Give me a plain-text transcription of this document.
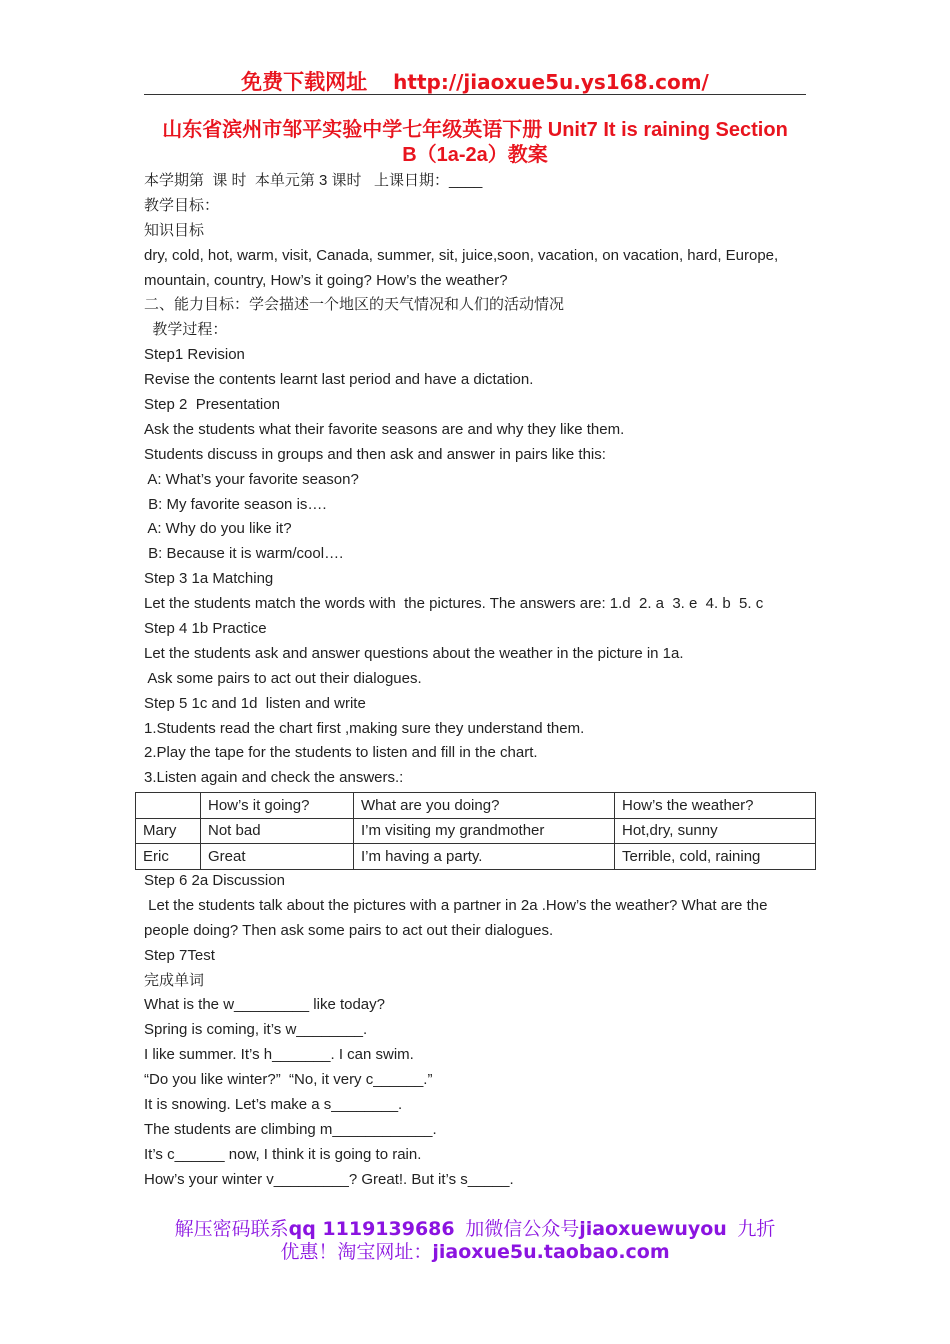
免费下载网址 http://jiaoxue5u.ys168.com/
山东省滨州市邹平实验中学七年级英语下册 Unit7 It is raining Section
B（1a-2a）教案
本学期第  课 时  本单元第 3 课时   上课日期：____
教学目标：
知识目标
dry, cold, hot, warm, visit, Canada, summer, sit, juice,soon, vacation, on vacation, hard, Europe,
mountain, country, How’s it going? How’s the weather?
二、能力目标：学会描述一个地区的天气情况和人们的活动情况
教学过程：
Step1 Revision
Revise the contents learnt last period and have a dictation.
Step 2  Presentation
Ask the students what their favorite seasons are and why they like them.
Students discuss in groups and then ask and answer in pairs like this:
A: What’s your favorite season?
B: My favorite season is….
A: Why do you like it?
B: Because it is warm/cool….
Step 3 1a Matching
Let the students match the words with  the pictures. The answers are: 1.d  2. a  3. e  4. b  5. c
Step 4 1b Practice
Let the students ask and answer questions about the weather in the picture in 1a.
Ask some pairs to act out their dialogues.
Step 5 1c and 1d  listen and write
1.Students read the chart first ,making sure they understand them.
2.Play the tape for the students to listen and fill in the chart.
3.Listen again and check the answers.:
	How’s it going?	What are you doing?	How’s the weather?
Mary	Not bad	I’m visiting my grandmother	Hot,dry, sunny
Eric	Great	I’m having a party.	Terrible, cold, raining
Step 6 2a Discussion
Let the students talk about the pictures with a partner in 2a .How’s the weather? What are the
people doing? Then ask some pairs to act out their dialogues.
Step 7Test
完成单词
What is the w_________ like today?
Spring is coming, it’s w________.
I like summer. It’s h_______. I can swim.
“Do you like winter?”  “No, it very c______.”
It is snowing. Let’s make a s________.
The students are climbing m____________.
It’s c______ now, I think it is going to rain.
How’s your winter v_________? Great!. But it’s s_____.
解压密码联系qq 1119139686 加微信公众号jiaoxuewuyou 九折
优惠！淘宝网址：jiaoxue5u.taobao.com
